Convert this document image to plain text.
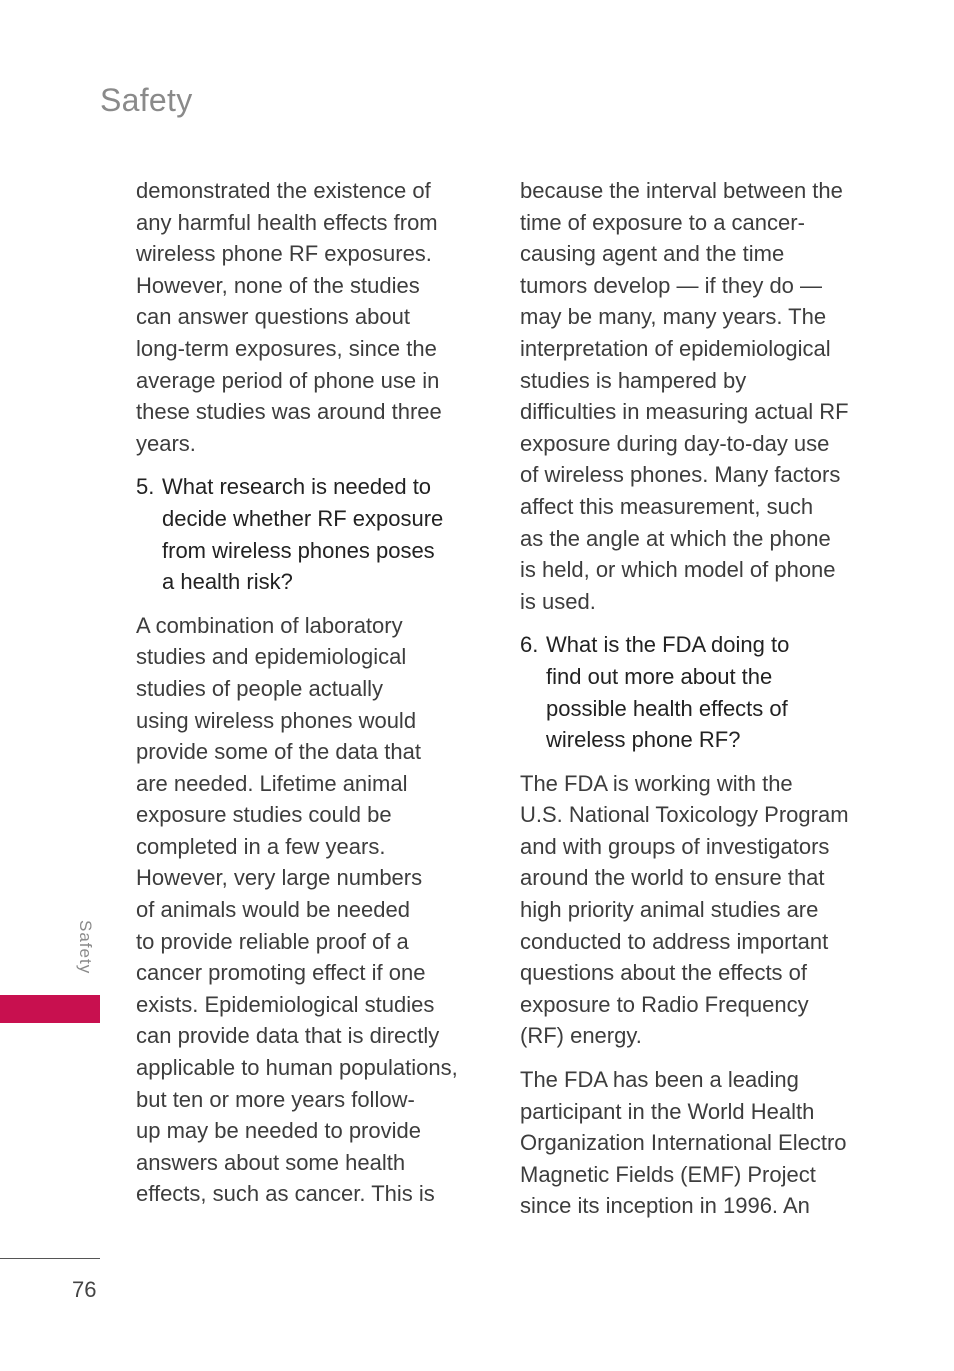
Safety

demonstrated the existence of
any harmful health effects from
wireless phone RF exposures.
However, none of the studies
can answer questions about
long-term exposures, since the
average period of phone use in
these studies was around three
years.

5. What research is needed to
decide whether RF exposure
from wireless phones poses
a health risk?

A combination of laboratory
studies and epidemiological
studies of people actually
using wireless phones would
provide some of the data that
are needed. Lifetime animal
exposure studies could be
completed in a few years.
However, very large numbers
of animals would be needed
to provide reliable proof of a
cancer promoting effect if one
exists. Epidemiological studies
can provide data that is directly
applicable to human populations,
but ten or more years follow-
up may be needed to provide
answers about some health
effects, such as cancer. This is

because the interval between the
time of exposure to a cancer-
causing agent and the time
tumors develop — if they do —
may be many, many years. The
interpretation of epidemiological
studies is hampered by
difficulties in measuring actual RF
exposure during day-to-day use
of wireless phones. Many factors
affect this measurement, such
as the angle at which the phone
is held, or which model of phone
is used.

6. What is the FDA doing to
find out more about the
possible health effects of
wireless phone RF?

The FDA is working with the
U.S. National Toxicology Program
and with groups of investigators
around the world to ensure that
high priority animal studies are
conducted to address important
questions about the effects of
exposure to Radio Frequency
(RF) energy.

The FDA has been a leading
participant in the World Health
Organization International Electro
Magnetic Fields (EMF) Project
since its inception in 1996. An

Safety
76
